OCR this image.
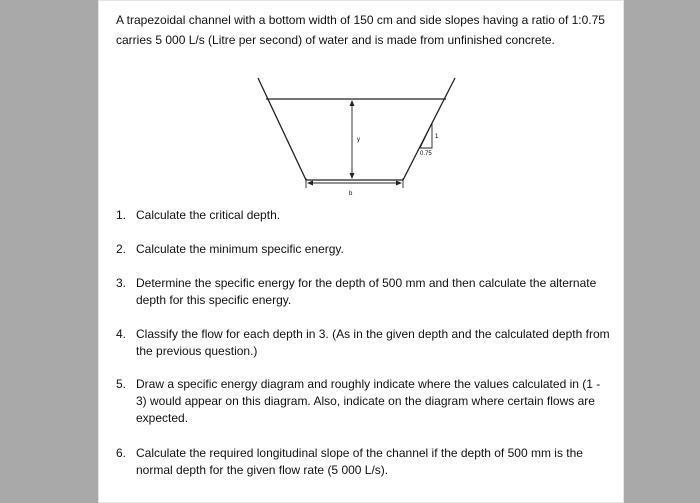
A trapezoidal channel with a bottom width of 150 cm and side slopes having a ratio of 1:0.75 carries 5 000 L/s (Litre per second) of water and is made from unfinished concrete.

y
b
1
0.75
1. Calculate the critical depth.
2. Calculate the minimum specific energy.
3. Determine the specific energy for the depth of 500 mm and then calculate the alternate depth for this specific energy.
4. Classify the flow for each depth in 3. (As in the given depth and the calculated depth from the previous question.)
5. Draw a specific energy diagram and roughly indicate where the values calculated in (1 - 3) would appear on this diagram. Also, indicate on the diagram where certain flows are expected.
6. Calculate the required longitudinal slope of the channel if the depth of 500 mm is the normal depth for the given flow rate (5 000 L/s).
